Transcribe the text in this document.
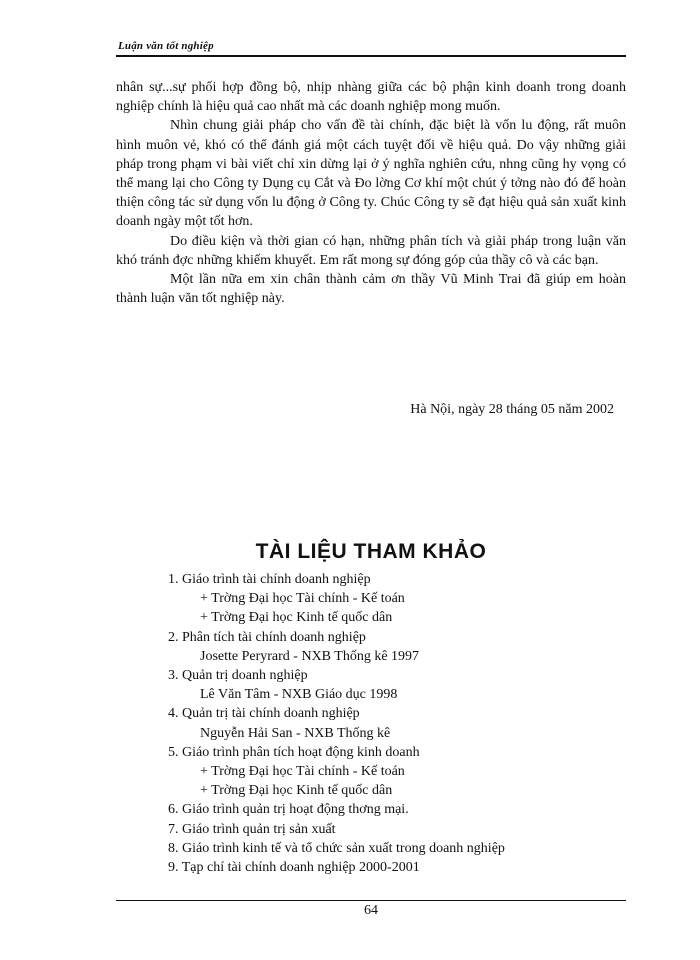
Luận văn tốt nghiệp

nhân sự...sự phối hợp đồng bộ, nhịp nhàng giữa các bộ phận kinh doanh trong doanh nghiệp chính là hiệu quả cao nhất mà các doanh nghiệp mong muốn.

Nhìn chung giải pháp cho vấn đề tài chính, đặc biệt là vốn lu động, rất muôn hình muôn vẻ, khó có thể đánh giá một cách tuyệt đối về hiệu quả. Do vậy những giải pháp trong phạm vi bài viết chỉ xin dừng lại ở ý nghĩa nghiên cứu, nhng cũng hy vọng có thể mang lại cho Công ty Dụng cụ Cắt và Đo lờng Cơ khí một chút ý tởng nào đó để hoàn thiện công tác sử dụng vốn lu động ở Công ty. Chúc Công ty sẽ đạt hiệu quả sản xuất kinh doanh ngày một tốt hơn.

Do điều kiện và thời gian có hạn, những phân tích và giải pháp trong luận văn khó tránh đợc những khiếm khuyết. Em rất mong sự đóng góp của thầy cô và các bạn.

Một lần nữa em xin chân thành cảm ơn thầy Vũ Minh Trai đã giúp em hoàn thành luận văn tốt nghiệp này.

Hà Nội, ngày 28 tháng 05 năm 2002
TÀI LIỆU THAM KHẢO
1. Giáo trình tài chính doanh nghiệp
+ Trờng Đại học Tài chính - Kế toán
+ Trờng Đại học Kinh tế quốc dân
2. Phân tích tài chính doanh nghiệp
Josette Peryrard - NXB Thống kê 1997
3. Quản trị doanh nghiệp
Lê Văn Tâm - NXB Giáo dục 1998
4. Quản trị tài chính doanh nghiệp
Nguyễn Hải San - NXB Thống kê
5. Giáo trình phân tích hoạt động kinh doanh
+ Trờng Đại học Tài chính - Kế toán
+ Trờng Đại học Kinh tế quốc dân
6. Giáo trình quản trị hoạt động thơng mại.
7. Giáo trình quản trị sản xuất
8. Giáo trình kinh tế và tổ chức sản xuất trong doanh nghiệp
9. Tạp chí tài chính doanh nghiệp 2000-2001
64
